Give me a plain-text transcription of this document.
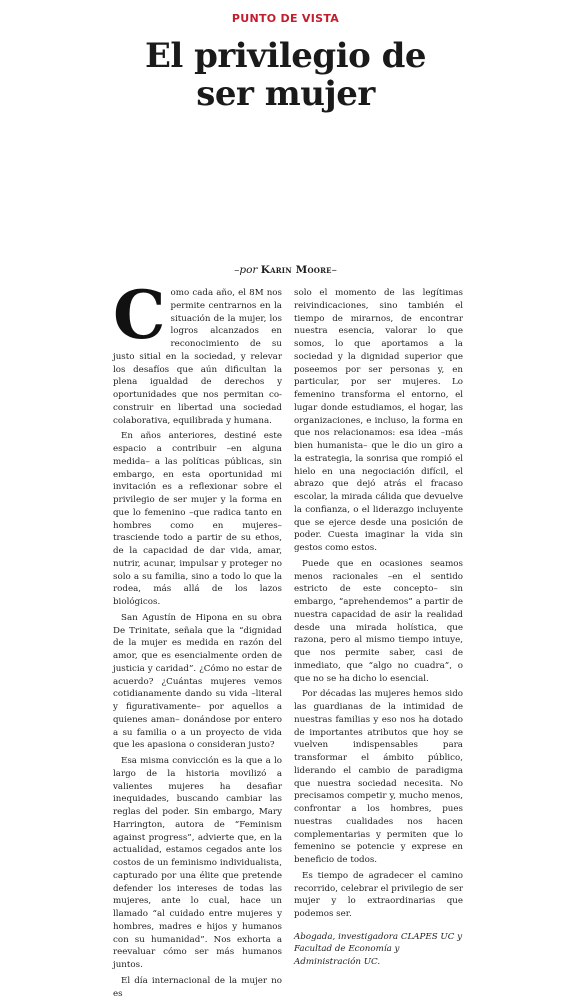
PUNTO DE VISTA
El privilegio de
ser mujer
–por Karin Moore–

Como cada año, el 8M nos permite centrarnos en la situación de la mujer, los logros alcanzados en reconocimiento de su justo sitial en la sociedad, y relevar los desafíos que aún dificultan la plena igualdad de derechos y oportunidades que nos permitan co-construir en libertad una sociedad colaborativa, equilibrada y humana.

En años anteriores, destiné este espacio a contribuir –en alguna medida– a las políticas públicas, sin embargo, en esta oportunidad mi invitación es a reflexionar sobre el privilegio de ser mujer y la forma en que lo femenino –que radica tanto en hombres como en mujeres– trasciende todo a partir de su ethos, de la capacidad de dar vida, amar, nutrir, acunar, impulsar y proteger no solo a su familia, sino a todo lo que la rodea, más allá de los lazos biológicos.

San Agustín de Hipona en su obra De Trinitate, señala que la “dignidad de la mujer es medida en razón del amor, que es esencialmente orden de justicia y caridad”. ¿Cómo no estar de acuerdo? ¿Cuántas mujeres vemos cotidianamente dando su vida –literal y figurativamente– por aquellos a quienes aman– donándose por entero a su familia o a un proyecto de vida que les apasiona o consideran justo?

Esa misma convicción es la que a lo largo de la historia movilizó a valientes mujeres ha desafiar inequidades, buscando cambiar las reglas del poder. Sin embargo, Mary Harrington, autora de “Feminism against progress”, advierte que, en la actualidad, estamos cegados ante los costos de un feminismo individualista, capturado por una élite que pretende defender los intereses de todas las mujeres, ante lo cual, hace un llamado “al cuidado entre mujeres y hombres, madres e hijos y humanos con su humanidad”. Nos exhorta a reevaluar cómo ser más humanos juntos.

El día internacional de la mujer no es

solo el momento de las legítimas reivindicaciones, sino también el tiempo de mirarnos, de encontrar nuestra esencia, valorar lo que somos, lo que aportamos a la sociedad y la dignidad superior que poseemos por ser personas y, en particular, por ser mujeres. Lo femenino transforma el entorno, el lugar donde estudiamos, el hogar, las organizaciones, e incluso, la forma en que nos relacionamos: esa idea –más bien humanista– que le dio un giro a la estrategia, la sonrisa que rompió el hielo en una negociación difícil, el abrazo que dejó atrás el fracaso escolar, la mirada cálida que devuelve la confianza, o el liderazgo incluyente que se ejerce desde una posición de poder. Cuesta imaginar la vida sin gestos como estos.

Puede que en ocasiones seamos menos racionales –en el sentido estricto de este concepto– sin embargo, “aprehendemos” a partir de nuestra capacidad de asir la realidad desde una mirada holística, que razona, pero al mismo tiempo intuye, que nos permite saber, casi de inmediato, que “algo no cuadra”, o que no se ha dicho lo esencial.

Por décadas las mujeres hemos sido las guardianas de la intimidad de nuestras familias y eso nos ha dotado de importantes atributos que hoy se vuelven indispensables para transformar el ámbito público, liderando el cambio de paradigma que nuestra sociedad necesita. No precisamos competir y, mucho menos, confrontar a los hombres, pues nuestras cualidades nos hacen complementarias y permiten que lo femenino se potencie y exprese en beneficio de todos.

Es tiempo de agradecer el camino recorrido, celebrar el privilegio de ser mujer y lo extraordinarias que podemos ser.

Abogada, investigadora CLAPES UC y Facultad de Economía y Administración UC.
